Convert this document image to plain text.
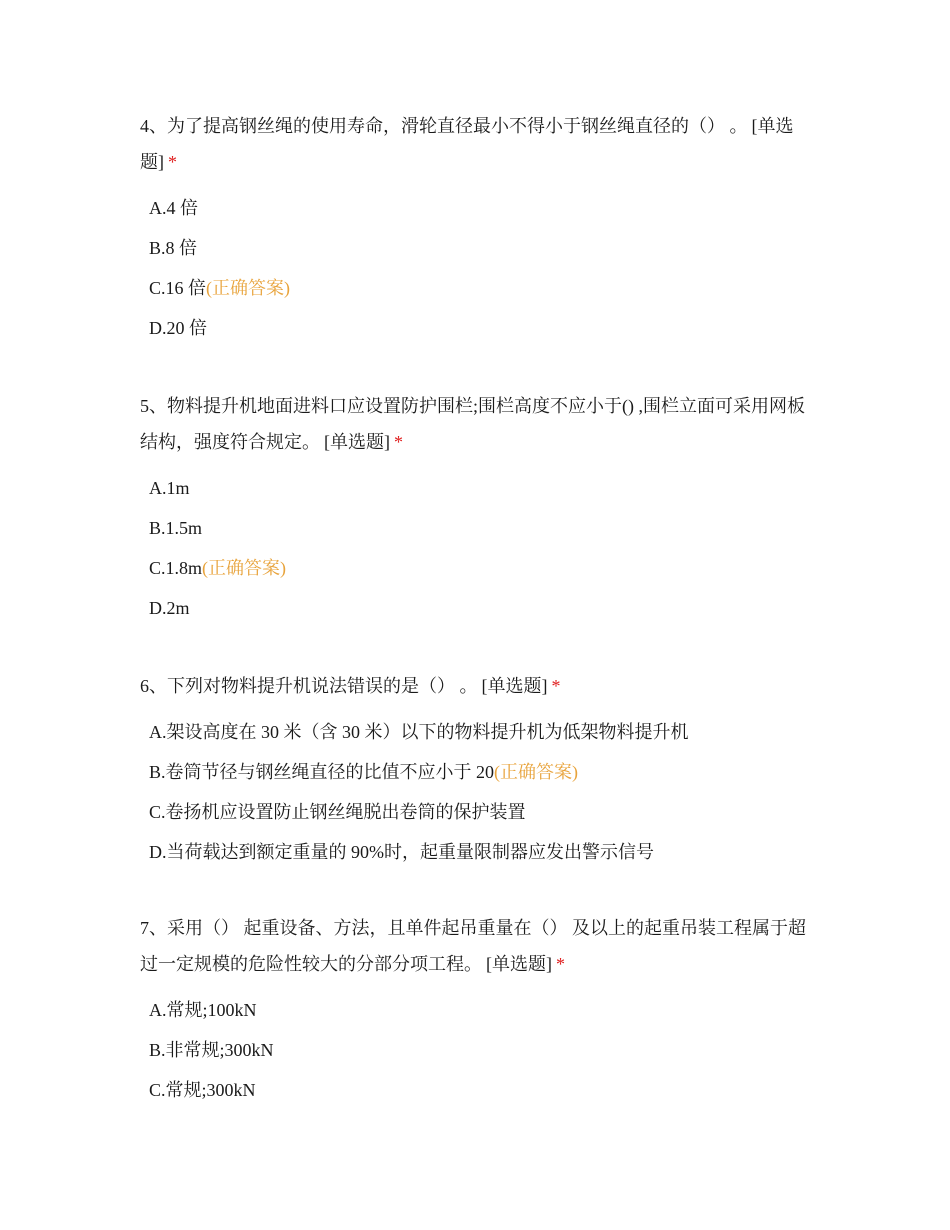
4、为了提高钢丝绳的使用寿命，滑轮直径最小不得小于钢丝绳直径的（） 。 [单选题] *

A.4 倍
B.8 倍
C.16 倍(正确答案)
D.20 倍

5、物料提升机地面进料口应设置防护围栏;围栏高度不应小于() ,围栏立面可采用网板结构，强度符合规定。 [单选题] *

A.1m
B.1.5m
C.1.8m(正确答案)
D.2m

6、下列对物料提升机说法错误的是（） 。 [单选题] *

A.架设高度在 30 米（含 30 米）以下的物料提升机为低架物料提升机
B.卷筒节径与钢丝绳直径的比值不应小于 20(正确答案)
C.卷扬机应设置防止钢丝绳脱出卷筒的保护装置
D.当荷载达到额定重量的 90%时，起重量限制器应发出警示信号

7、采用（） 起重设备、方法，且单件起吊重量在（） 及以上的起重吊装工程属于超过一定规模的危险性较大的分部分项工程。 [单选题] *

A.常规;100kN
B.非常规;300kN
C.常规;300kN
